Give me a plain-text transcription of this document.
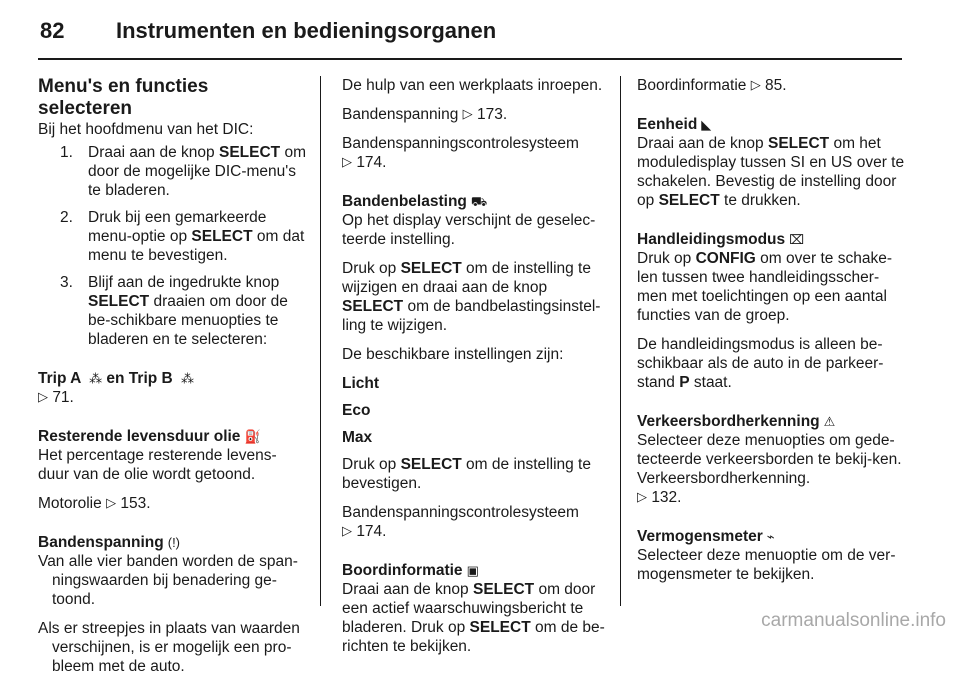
82 Instrumenten en bedieningsorganen
Menu's en functies selecteren

Bij het hoofdmenu van het DIC:

1. Draai aan de knop SELECT om door de mogelijke DIC-menu's te bladeren.
2. Druk bij een gemarkeerde menu-optie op SELECT om dat menu te bevestigen.
3. Blijf aan de ingedrukte knop SELECT draaien om door de be-schikbare menuopties te bladeren en te selecteren:

Trip A ⁂ en Trip B ⁂

▷ 71.

Resterende levensduur olie ⛽

Het percentage resterende levens-duur van de olie wordt getoond.

Motorolie ▷ 153.

Bandenspanning (!)

Van alle vier banden worden de span-ningswaarden bij benadering ge-toond.

Als er streepjes in plaats van waarden verschijnen, is er mogelijk een pro-bleem met de auto.

De hulp van een werkplaats inroepen.

Bandenspanning ▷ 173.

Bandenspanningscontrolesysteem
▷ 174.

Bandenbelasting ⛟

Op het display verschijnt de geselec-teerde instelling.

Druk op SELECT om de instelling te wijzigen en draai aan de knop SELECT om de bandbelastingsinstel-ling te wijzigen.

De beschikbare instellingen zijn:

Licht

Eco

Max

Druk op SELECT om de instelling te bevestigen.

Bandenspanningscontrolesysteem
▷ 174.

Boordinformatie ▣

Draai aan de knop SELECT om door een actief waarschuwingsbericht te bladeren. Druk op SELECT om de be-richten te bekijken.

Boordinformatie ▷ 85.

Eenheid ◣

Draai aan de knop SELECT om het moduledisplay tussen SI en US over te schakelen. Bevestig de instelling door op SELECT te drukken.

Handleidingsmodus ⌧

Druk op CONFIG om over te schake-len tussen twee handleidingsscher-men met toelichtingen op een aantal functies van de groep.

De handleidingsmodus is alleen be-schikbaar als de auto in de parkeer-stand P staat.

Verkeersbordherkenning ⚠

Selecteer deze menuopties om gede-tecteerde verkeersborden te bekij-ken. Verkeersbordherkenning.
▷ 132.

Vermogensmeter ⌁

Selecteer deze menuoptie om de ver-mogensmeter te bekijken.

carmanualsonline.info
